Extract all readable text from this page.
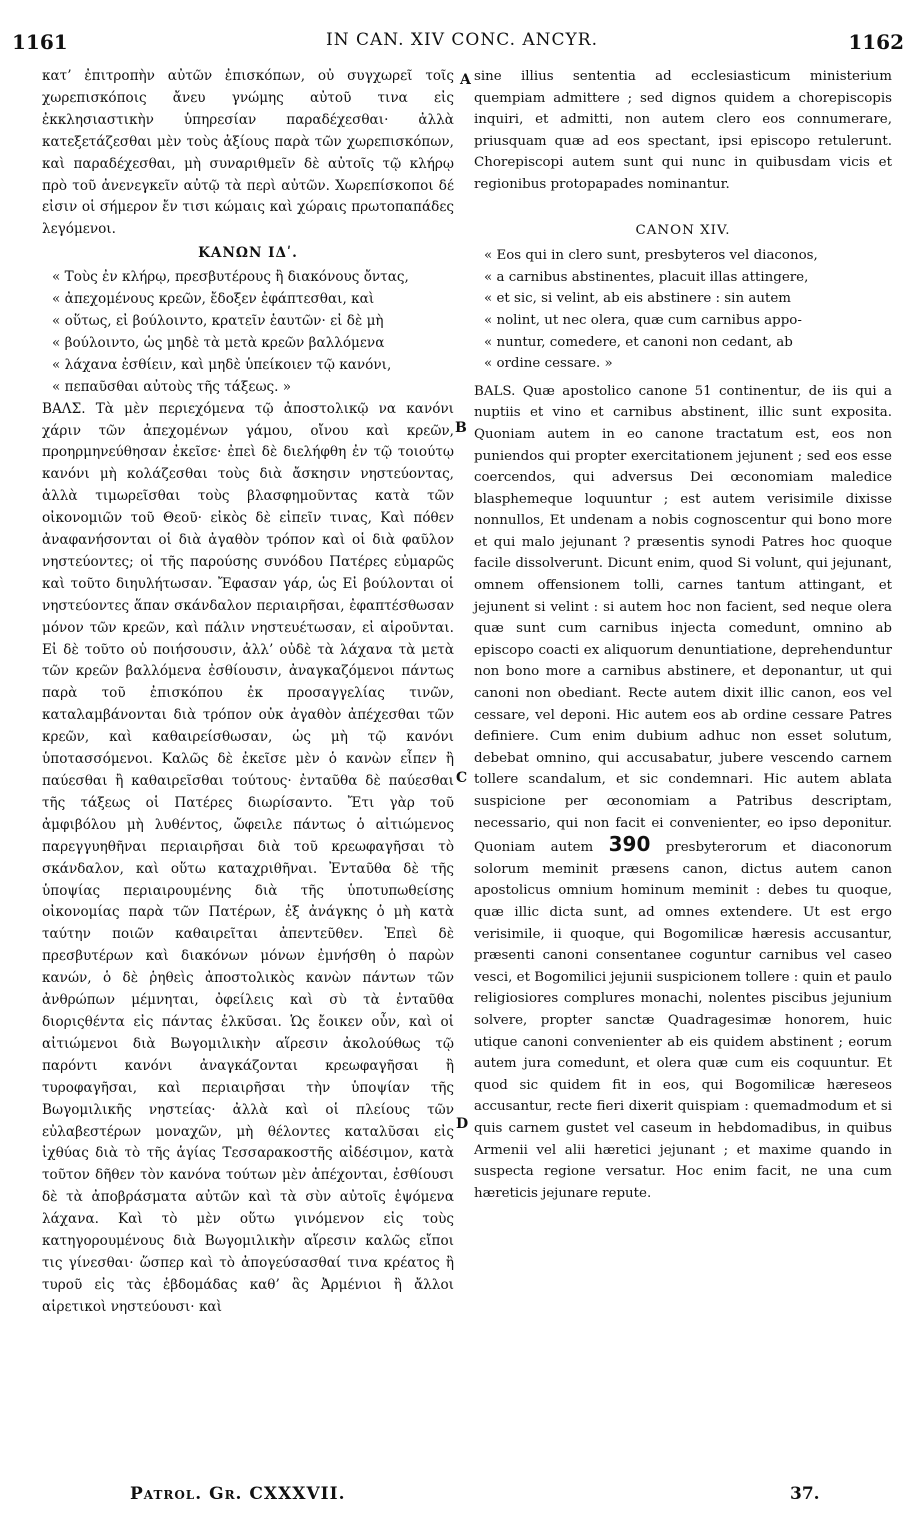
1161	IN CAN. XIV CONC. ANCYR.	1162
A
B
C
D

κατ’ ἐπιτροπὴν αὐτῶν ἐπισκόπων, οὐ συγχωρεῖ τοῖς χωρεπισκόποις ἄνευ γνώμης αὐτοῦ τινα εἰς ἐκκλησιαστικὴν ὑπηρεσίαν παραδέχεσθαι· ἀλλὰ κατεξετάζεσθαι μὲν τοὺς ἀξίους παρὰ τῶν χωρεπισκόπων, καὶ παραδέχεσθαι, μὴ συναριθμεῖν δὲ αὐτοῖς τῷ κλήρῳ πρὸ τοῦ ἀνενεγκεῖν αὐτῷ τὰ περὶ αὐτῶν. Χωρεπίσκοποι δέ εἰσιν οἱ σήμερον ἔν τισι κώμαις καὶ χώραις πρωτοπαπάδες λεγόμενοι.

ΚΑΝΩΝ ΙΔʹ.

« Τοὺς ἐν κλήρῳ, πρεσβυτέρους ἢ διακόνους ὄντας,

« ἀπεχομένους κρεῶν, ἔδοξεν ἐφάπτεσθαι, καὶ

« οὕτως, εἰ βούλοιντο, κρατεῖν ἑαυτῶν· εἰ δὲ μὴ

« βούλοιντο, ὡς μηδὲ τὰ μετὰ κρεῶν βαλλόμενα

« λάχανα ἐσθίειν, καὶ μηδὲ ὑπείκοιεν τῷ κανόνι,

« πεπαῦσθαι αὐτοὺς τῆς τάξεως. »

ΒΑΛΣ. Τὰ μὲν περιεχόμενα τῷ ἀποστολικῷ να κανόνι χάριν τῶν ἀπεχομένων γάμου, οἴνου καὶ κρεῶν, προηρμηνεύθησαν ἐκεῖσε· ἐπεὶ δὲ διελήφθη ἐν τῷ τοιούτῳ κανόνι μὴ κολάζεσθαι τοὺς διὰ ἄσκησιν νηστεύοντας, ἀλλὰ τιμωρεῖσθαι τοὺς βλασφημοῦντας κατὰ τῶν οἰκονομιῶν τοῦ Θεοῦ· εἰκὸς δὲ εἰπεῖν τινας, Καὶ πόθεν ἀναφανήσονται οἱ διὰ ἀγαθὸν τρόπον καὶ οἱ διὰ φαῦλον νηστεύοντες; οἱ τῆς παρούσης συνόδου Πατέρες εὐμαρῶς καὶ τοῦτο διηυλήτωσαν. Ἔφασαν γάρ, ὡς Εἰ βούλονται οἱ νηστεύοντες ἅπαν σκάνδαλον περιαιρῆσαι, ἐφαπτέσθωσαν μόνον τῶν κρεῶν, καὶ πάλιν νηστευέτωσαν, εἰ αἱροῦνται. Εἰ δὲ τοῦτο οὐ ποιήσουσιν, ἀλλ’ οὐδὲ τὰ λάχανα τὰ μετὰ τῶν κρεῶν βαλλόμενα ἐσθίουσιν, ἀναγκαζόμενοι πάντως παρὰ τοῦ ἐπισκόπου ἐκ προσαγγελίας τινῶν, καταλαμβάνονται διὰ τρόπον οὐκ ἀγαθὸν ἀπέχεσθαι τῶν κρεῶν, καὶ καθαιρείσθωσαν, ὡς μὴ τῷ κανόνι ὑποτασσόμενοι. Καλῶς δὲ ἐκεῖσε μὲν ὁ κανὼν εἶπεν ἢ παύεσθαι ἢ καθαιρεῖσθαι τούτους· ἐνταῦθα δὲ παύεσθαι τῆς τάξεως οἱ Πατέρες διωρίσαντο. Ἔτι γὰρ τοῦ ἀμφιβόλου μὴ λυθέντος, ὤφειλε πάντως ὁ αἰτιώμενος παρεγγυηθῆναι περιαιρῆσαι διὰ τοῦ κρεωφαγῆσαι τὸ σκάνδαλον, καὶ οὕτω καταχριθῆναι. Ἐνταῦθα δὲ τῆς ὑποψίας περιαιρουμένης διὰ τῆς ὑποτυπωθείσης οἰκονομίας παρὰ τῶν Πατέρων, ἐξ ἀνάγκης ὁ μὴ κατὰ ταύτην ποιῶν καθαιρεῖται ἀπεντεῦθεν. Ἐπεὶ δὲ πρεσβυτέρων καὶ διακόνων μόνων ἐμνήσθη ὁ παρὼν κανών, ὁ δὲ ῥηθεὶς ἀποστολικὸς κανὼν πάντων τῶν ἀνθρώπων μέμνηται, ὀφείλεις καὶ σὺ τὰ ἐνταῦθα διοριςθέντα εἰς πάντας ἑλκῦσαι. Ὡς ἔοικεν οὖν, καὶ οἱ αἰτιώμενοι διὰ Βωγομιλικὴν αἵρεσιν ἀκολούθως τῷ παρόντι κανόνι ἀναγκάζονται κρεωφαγῆσαι ἢ τυροφαγῆσαι, καὶ περιαιρῆσαι τὴν ὑποψίαν τῆς Βωγομιλικῆς νηστείας· ἀλλὰ καὶ οἱ πλείους τῶν εὐλαβεστέρων μοναχῶν, μὴ θέλοντες καταλῦσαι εἰς ἰχθύας διὰ τὸ τῆς ἁγίας Τεσσαρακοστῆς αἰδέσιμον, κατὰ τοῦτον δῆθεν τὸν κανόνα τούτων μὲν ἀπέχονται, ἐσθίουσι δὲ τὰ ἀποβράσματα αὐτῶν καὶ τὰ σὺν αὐτοῖς ἑψόμενα λάχανα. Καὶ τὸ μὲν οὕτω γινόμενον εἰς τοὺς κατηγορουμένους διὰ Βωγομιλικὴν αἵρεσιν καλῶς εἴποι τις γίνεσθαι· ὥσπερ καὶ τὸ ἀπογεύσασθαί τινα κρέατος ἢ τυροῦ εἰς τὰς ἑβδομάδας καθ’ ἃς Ἀρμένιοι ἢ ἄλλοι αἱρετικοὶ νηστεύουσι· καὶ

sine illius sententia ad ecclesiasticum ministerium quempiam admittere ; sed dignos quidem a chorepiscopis inquiri, et admitti, non autem clero eos connumerare, priusquam quæ ad eos spectant, ipsi episcopo retulerunt. Chorepiscopi autem sunt qui nunc in quibusdam vicis et regionibus protopapades nominantur.

CANON XIV.

« Eos qui in clero sunt, presbyteros vel diaconos,

« a carnibus abstinentes, placuit illas attingere,

« et sic, si velint, ab eis abstinere : sin autem

« nolint, ut nec olera, quæ cum carnibus appo-

« nuntur, comedere, et canoni non cedant, ab

« ordine cessare. »

BALS. Quæ apostolico canone 51 continentur, de iis qui a nuptiis et vino et carnibus abstinent, illic sunt exposita. Quoniam autem in eo canone tractatum est, eos non puniendos qui propter exercitationem jejunent ; sed eos esse coercendos, qui adversus Dei œconomiam maledice blasphemeque loquuntur ; est autem verisimile dixisse nonnullos, Et undenam a nobis cognoscentur qui bono more et qui malo jejunant ? præsentis synodi Patres hoc quoque facile dissolverunt. Dicunt enim, quod Si volunt, qui jejunant, omnem offensionem tolli, carnes tantum attingant, et jejunent si velint : si autem hoc non facient, sed neque olera quæ sunt cum carnibus injecta comedunt, omnino ab episcopo coacti ex aliquorum denuntiatione, deprehenduntur non bono more a carnibus abstinere, et deponantur, ut qui canoni non obediant. Recte autem dixit illic canon, eos vel cessare, vel deponi. Hic autem eos ab ordine cessare Patres definiere. Cum enim dubium adhuc non esset solutum, debebat omnino, qui accusabatur, jubere vescendo carnem tollere scandalum, et sic condemnari. Hic autem ablata suspicione per œconomiam a Patribus descriptam, necessario, qui non facit ei convenienter, eo ipso deponitur. Quoniam autem 390 presbyterorum et diaconorum solorum meminit præsens canon, dictus autem canon apostolicus omnium hominum meminit : debes tu quoque, quæ illic dicta sunt, ad omnes extendere. Ut est ergo verisimile, ii quoque, qui Bogomilicæ hæresis accusantur, præsenti canoni consentanee coguntur carnibus vel caseo vesci, et Bogomilici jejunii suspicionem tollere : quin et paulo religiosiores complures monachi, nolentes piscibus jejunium solvere, propter sanctæ Quadragesimæ honorem, huic utique canoni convenienter ab eis quidem abstinent ; eorum autem jura comedunt, et olera quæ cum eis coquuntur. Et quod sic quidem fit in eos, qui Bogomilicæ hæreseos accusantur, recte fieri dixerit quispiam : quemadmodum et si quis carnem gustet vel caseum in hebdomadibus, in quibus Armenii vel alii hæretici jejunant ; et maxime quando in suspecta regione versatur. Hoc enim facit, ne una cum hæreticis jejunare repute.

Patrol. Gr. CXXXVII.	37.
